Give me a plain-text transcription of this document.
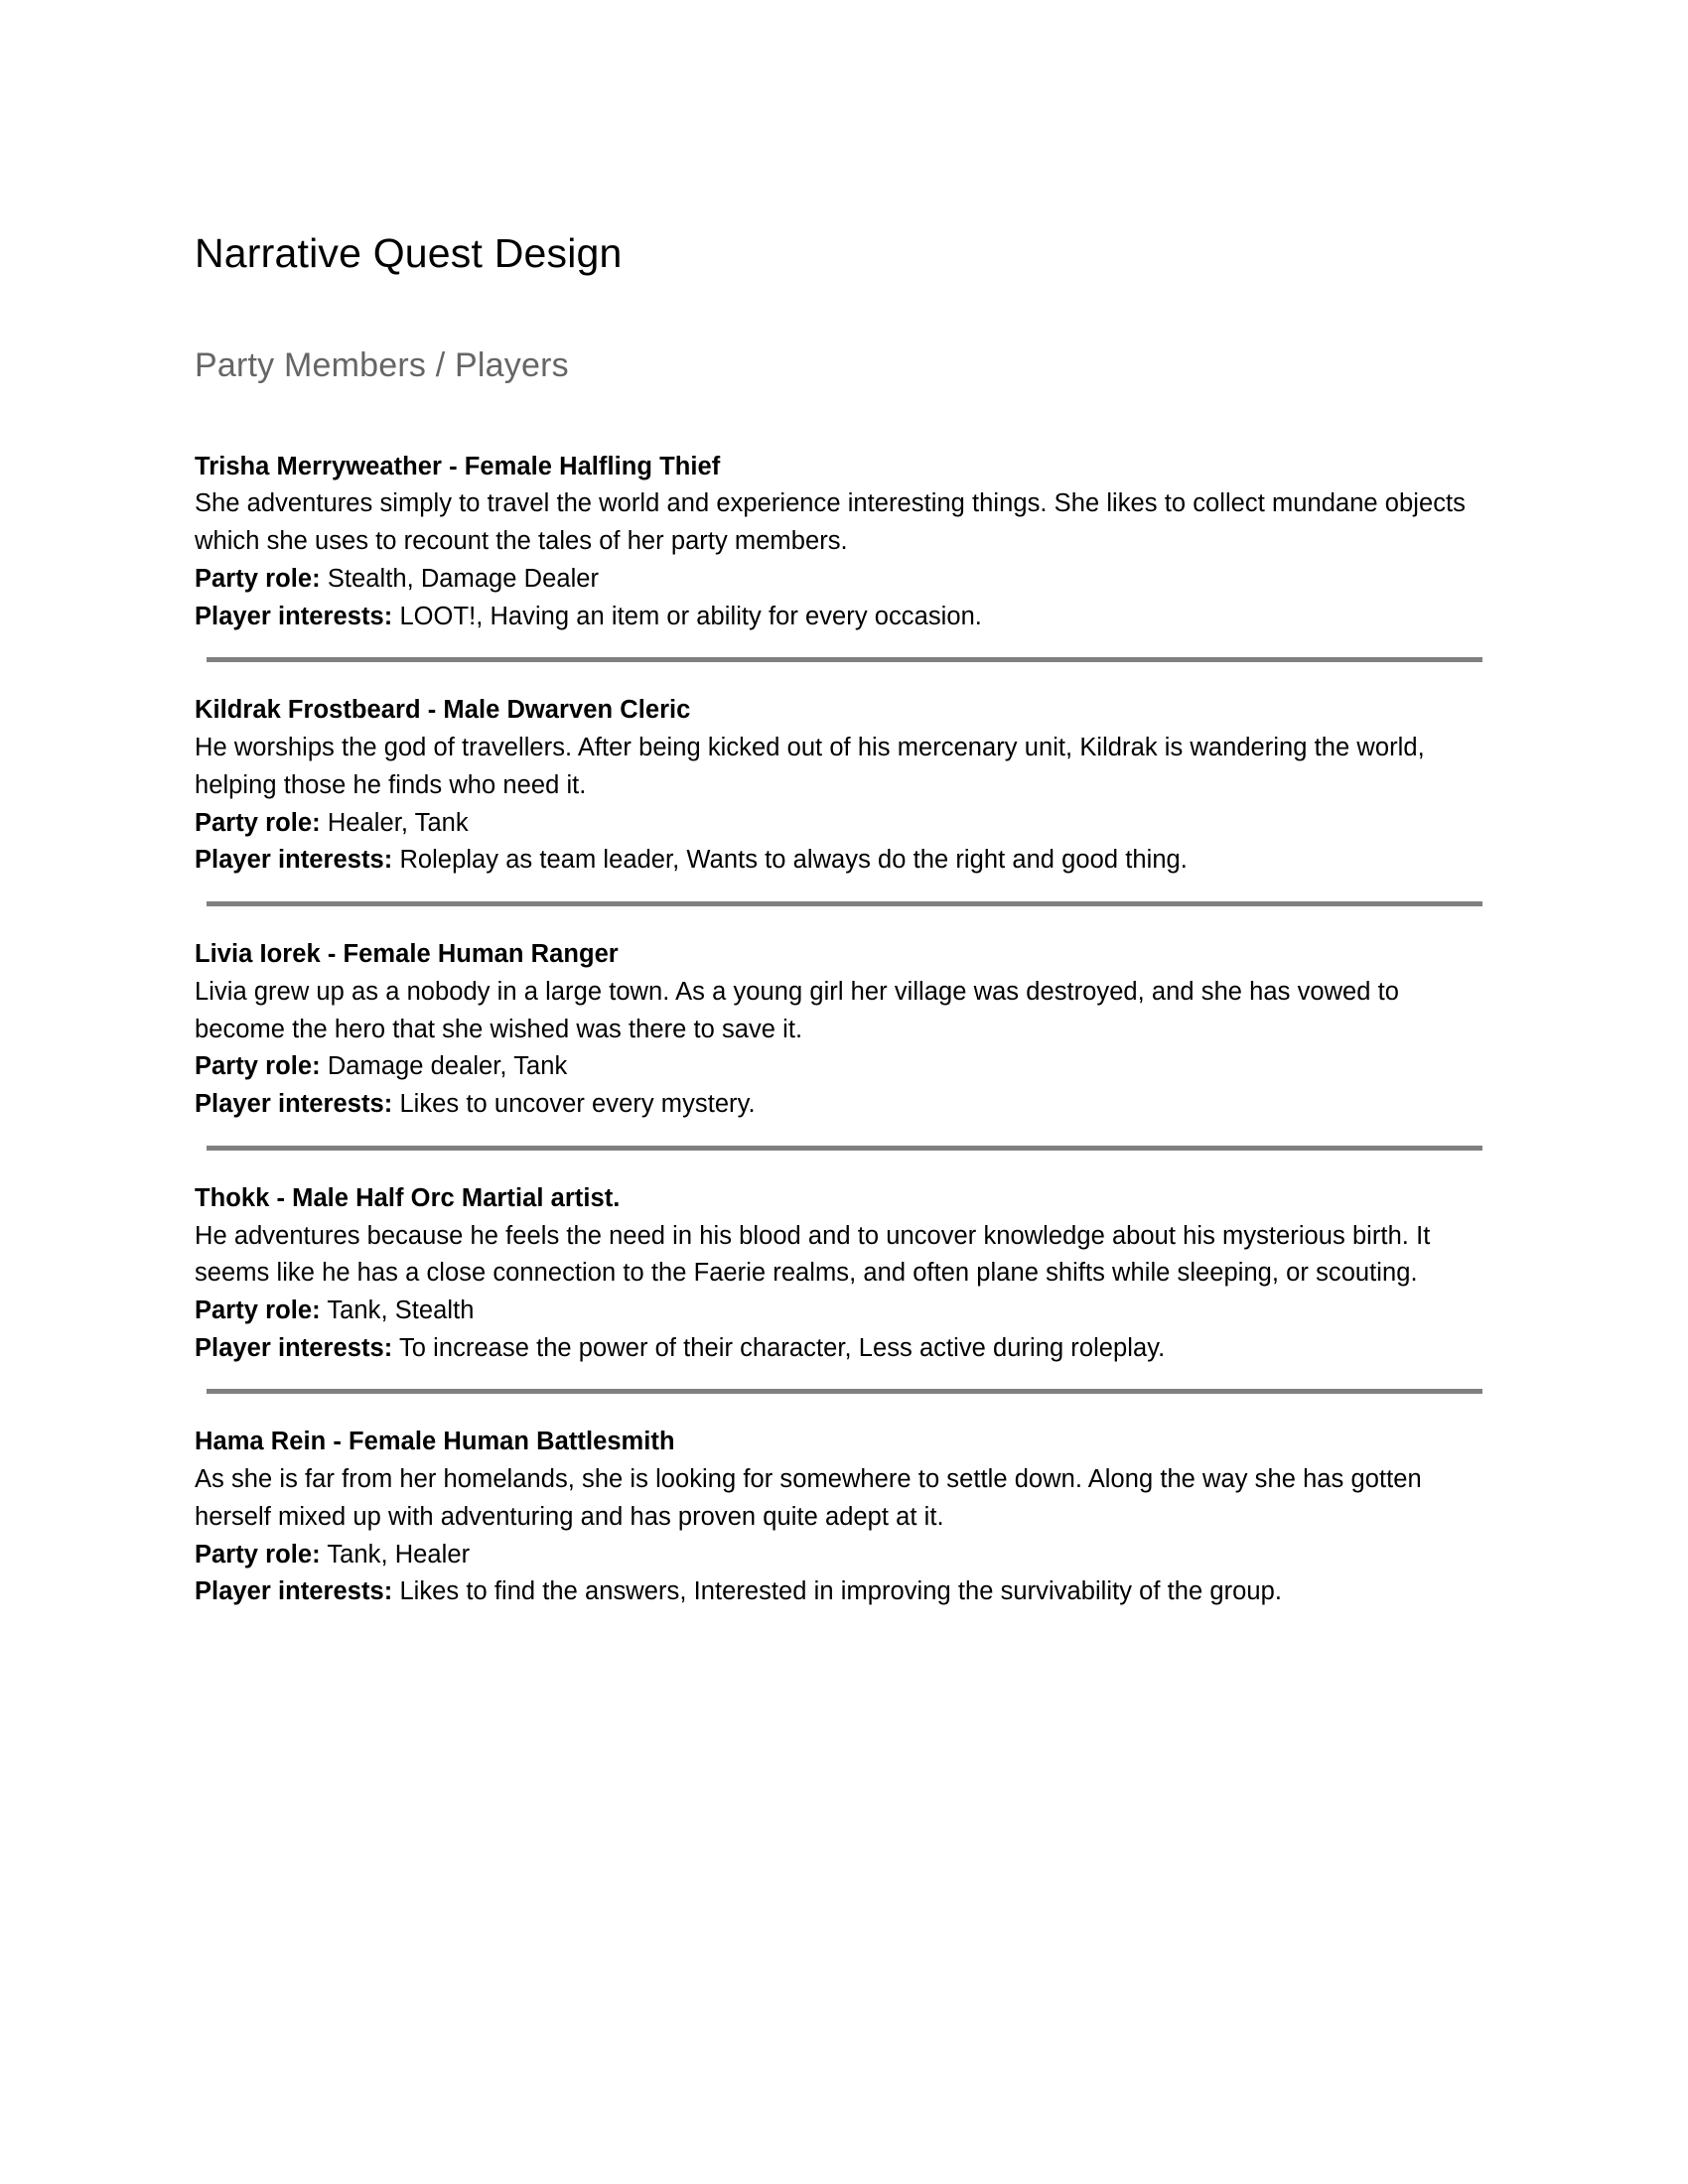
Narrative Quest Design
Party Members / Players

Trisha Merryweather - Female Halfling Thief

She adventures simply to travel the world and experience interesting things. She likes to collect mundane objects which she uses to recount the tales of her party members.

Party role: Stealth, Damage Dealer

Player interests: LOOT!, Having an item or ability for every occasion.

Kildrak Frostbeard - Male Dwarven Cleric

He worships the god of travellers. After being kicked out of his mercenary unit, Kildrak is wandering the world, helping those he finds who need it.

Party role: Healer, Tank

Player interests: Roleplay as team leader, Wants to always do the right and good thing.

Livia Iorek - Female Human Ranger

Livia grew up as a nobody in a large town. As a young girl her village was destroyed, and she has vowed to become the hero that she wished was there to save it.

Party role: Damage dealer, Tank

Player interests: Likes to uncover every mystery.

Thokk - Male Half Orc Martial artist.

He adventures because he feels the need in his blood and to uncover knowledge about his mysterious birth. It seems like he has a close connection to the Faerie realms, and often plane shifts while sleeping, or scouting.

Party role: Tank, Stealth

Player interests: To increase the power of their character, Less active during roleplay.

Hama Rein - Female Human Battlesmith

As she is far from her homelands, she is looking for somewhere to settle down. Along the way she has gotten herself mixed up with adventuring and has proven quite adept at it.

Party role: Tank, Healer

Player interests: Likes to find the answers, Interested in improving the survivability of the group.
